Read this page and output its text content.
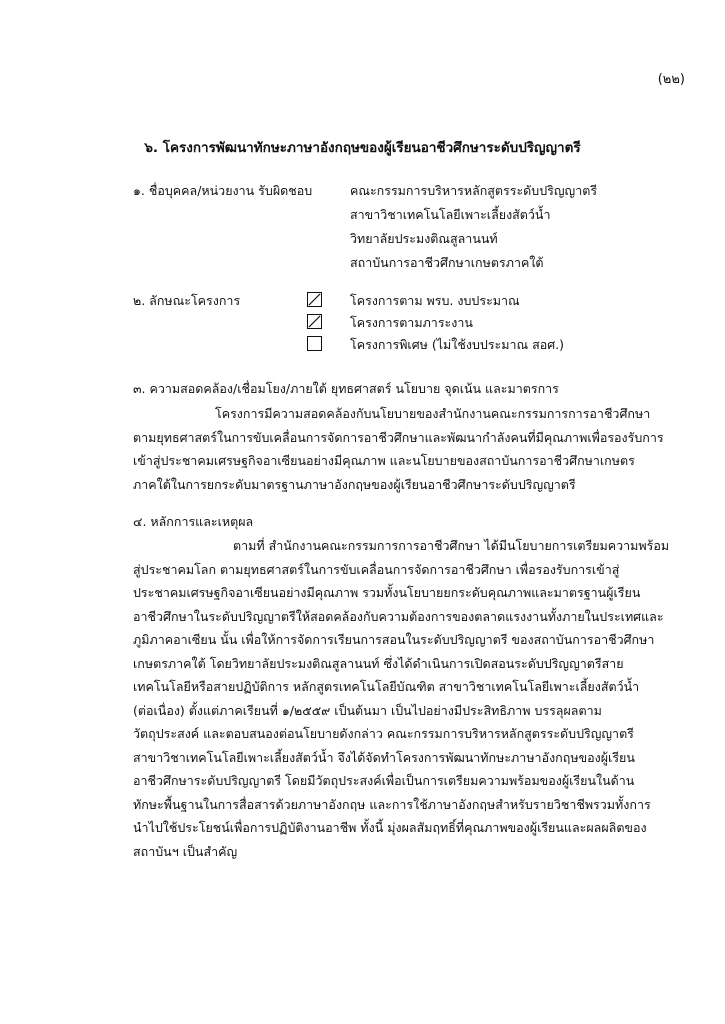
(๒๒)
๖. โครงการพัฒนาทักษะภาษาอังกฤษของผู้เรียนอาชีวศึกษาระดับปริญญาตรี
๑. ชื่อบุคคล/หน่วยงาน รับผิดชอบ	คณะกรรมการบริหารหลักสูตรระดับปริญญาตรี
สาขาวิชาเทคโนโลยีเพาะเลี้ยงสัตว์น้ำ
วิทยาลัยประมงติณสูลานนท์
สถาบันการอาชีวศึกษาเกษตรภาคใต้
๒. ลักษณะโครงการ	โครงการตาม พรบ. งบประมาณ
โครงการตามภาระงาน
โครงการพิเศษ (ไม่ใช้งบประมาณ สอศ.)
๓. ความสอดคล้อง/เชื่อมโยง/ภายใต้ ยุทธศาสตร์ นโยบาย จุดเน้น และมาตรการ

โครงการมีความสอดคล้องกับนโยบายของสำนักงานคณะกรรมการการอาชีวศึกษา

ตามยุทธศาสตร์ในการขับเคลื่อนการจัดการอาชีวศึกษาและพัฒนากำลังคนที่มีคุณภาพเพื่อรองรับการ

เข้าสู่ประชาคมเศรษฐกิจอาเซียนอย่างมีคุณภาพ และนโยบายของสถาบันการอาชีวศึกษาเกษตร

ภาคใต้ในการยกระดับมาตรฐานภาษาอังกฤษของผู้เรียนอาชีวศึกษาระดับปริญญาตรี

๔. หลักการและเหตุผล

ตามที่ สำนักงานคณะกรรมการการอาชีวศึกษา ได้มีนโยบายการเตรียมความพร้อม

สู่ประชาคมโลก ตามยุทธศาสตร์ในการขับเคลื่อนการจัดการอาชีวศึกษา เพื่อรองรับการเข้าสู่

ประชาคมเศรษฐกิจอาเซียนอย่างมีคุณภาพ รวมทั้งนโยบายยกระดับคุณภาพและมาตรฐานผู้เรียน

อาชีวศึกษาในระดับปริญญาตรีให้สอดคล้องกับความต้องการของตลาดแรงงานทั้งภายในประเทศและ

ภูมิภาคอาเซียน นั้น เพื่อให้การจัดการเรียนการสอนในระดับปริญญาตรี ของสถาบันการอาชีวศึกษา

เกษตรภาคใต้ โดยวิทยาลัยประมงติณสูลานนท์ ซึ่งได้ดำเนินการเปิดสอนระดับปริญญาตรีสาย

เทคโนโลยีหรือสายปฏิบัติการ หลักสูตรเทคโนโลยีบัณฑิต สาขาวิชาเทคโนโลยีเพาะเลี้ยงสัตว์น้ำ

(ต่อเนื่อง) ตั้งแต่ภาคเรียนที่ ๑/๒๕๕๙ เป็นต้นมา เป็นไปอย่างมีประสิทธิภาพ บรรลุผลตาม

วัตถุประสงค์ และตอบสนองต่อนโยบายดังกล่าว คณะกรรมการบริหารหลักสูตรระดับปริญญาตรี

สาขาวิชาเทคโนโลยีเพาะเลี้ยงสัตว์น้ำ จึงได้จัดทำโครงการพัฒนาทักษะภาษาอังกฤษของผู้เรียน

อาชีวศึกษาระดับปริญญาตรี โดยมีวัตถุประสงค์เพื่อเป็นการเตรียมความพร้อมของผู้เรียนในด้าน

ทักษะพื้นฐานในการสื่อสารด้วยภาษาอังกฤษ และการใช้ภาษาอังกฤษสำหรับรายวิชาชีพรวมทั้งการ

นำไปใช้ประโยชน์เพื่อการปฏิบัติงานอาชีพ ทั้งนี้ มุ่งผลสัมฤทธิ์ที่คุณภาพของผู้เรียนและผลผลิตของ

สถาบันฯ เป็นสำคัญ
